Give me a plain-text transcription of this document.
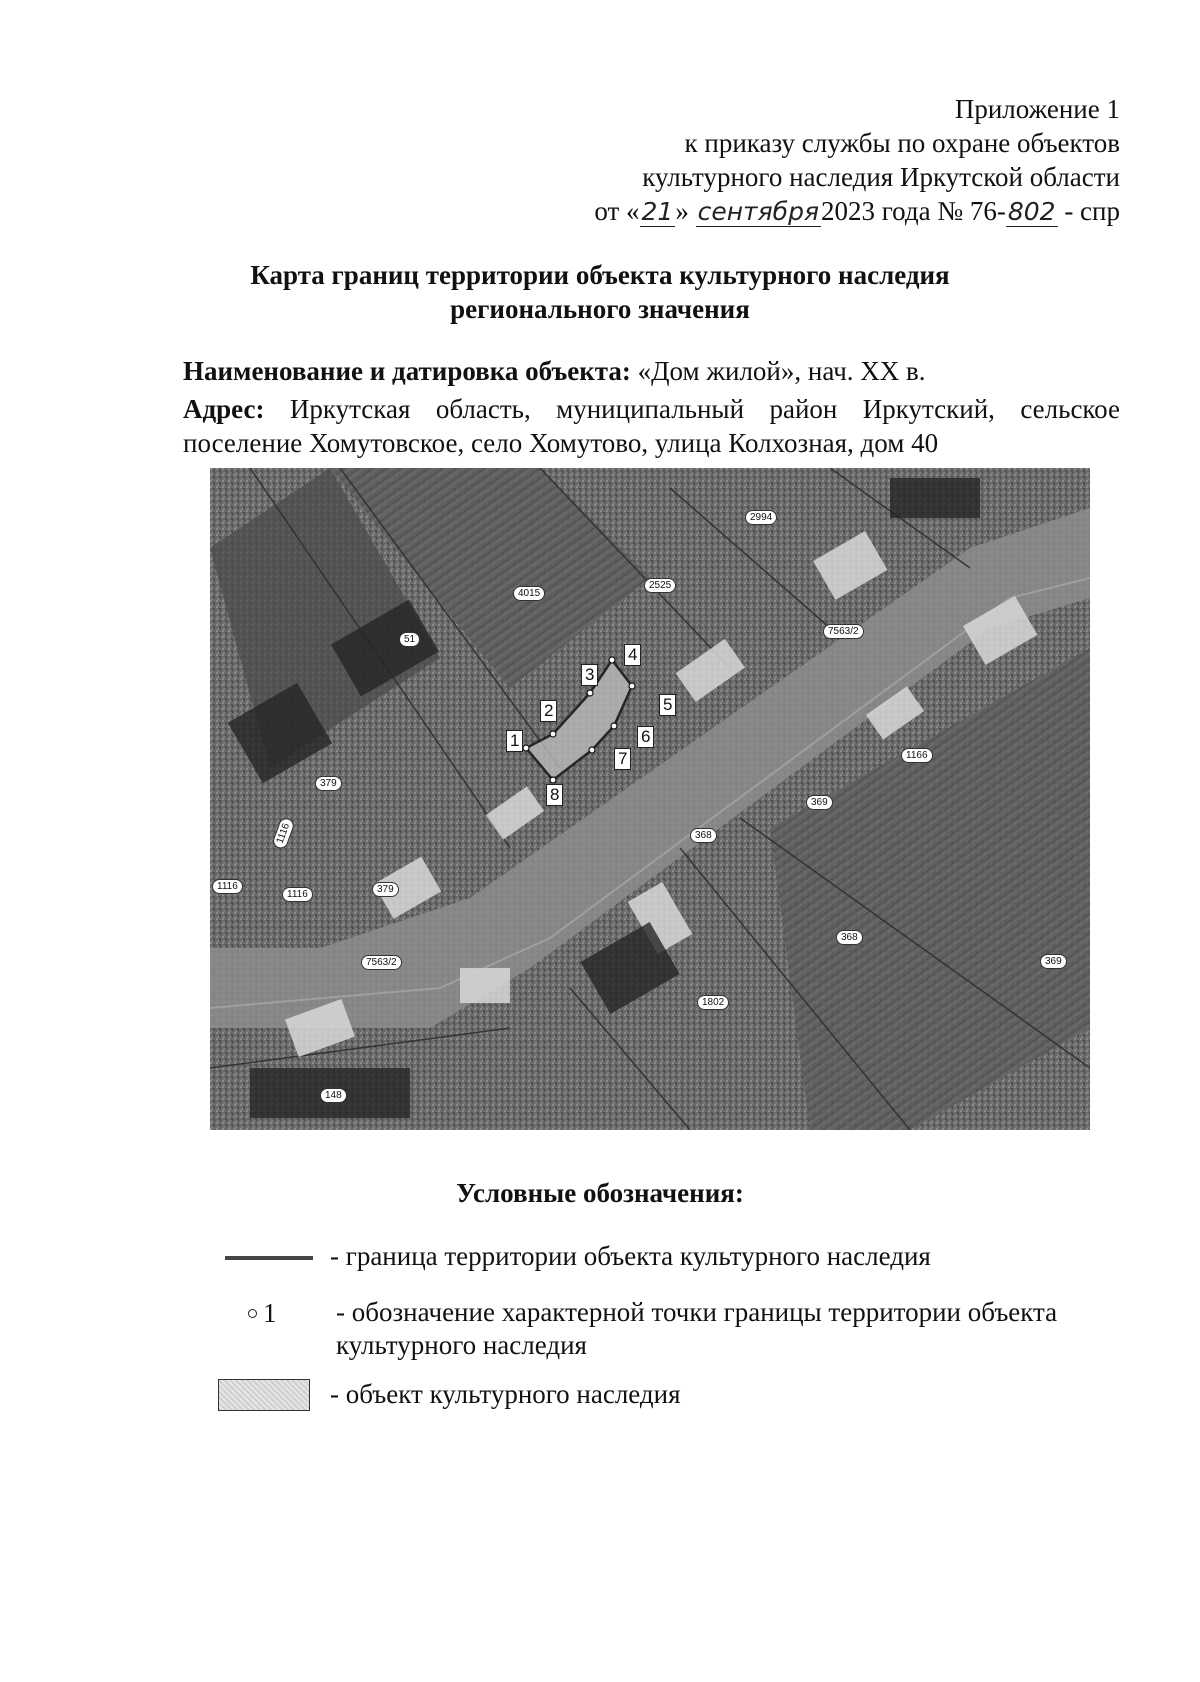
Приложение 1
к приказу службы по охране объектов
культурного наследия Иркутской области
от «21» сентября2023 года № 76-802 - спр
Карта границ территории объекта культурного наследия
регионального значения
Наименование и датировка объекта: «Дом жилой», нач. XX в.
Адрес: Иркутская область, муниципальный район Иркутский, сельское поселение Хомутовское, село Хомутово, улица Колхозная, дом 40
1
2
3
4
5
6
7
8
2994
4015
2525
7563/2
51
1166
379
369
368
1116
1116	379
7563/2
368
369
1802
148
1116
Условные обозначения:
- граница территории объекта культурного наследия
1 - обозначение характерной точки границы территории объекта
культурного наследия
- объект культурного наследия
